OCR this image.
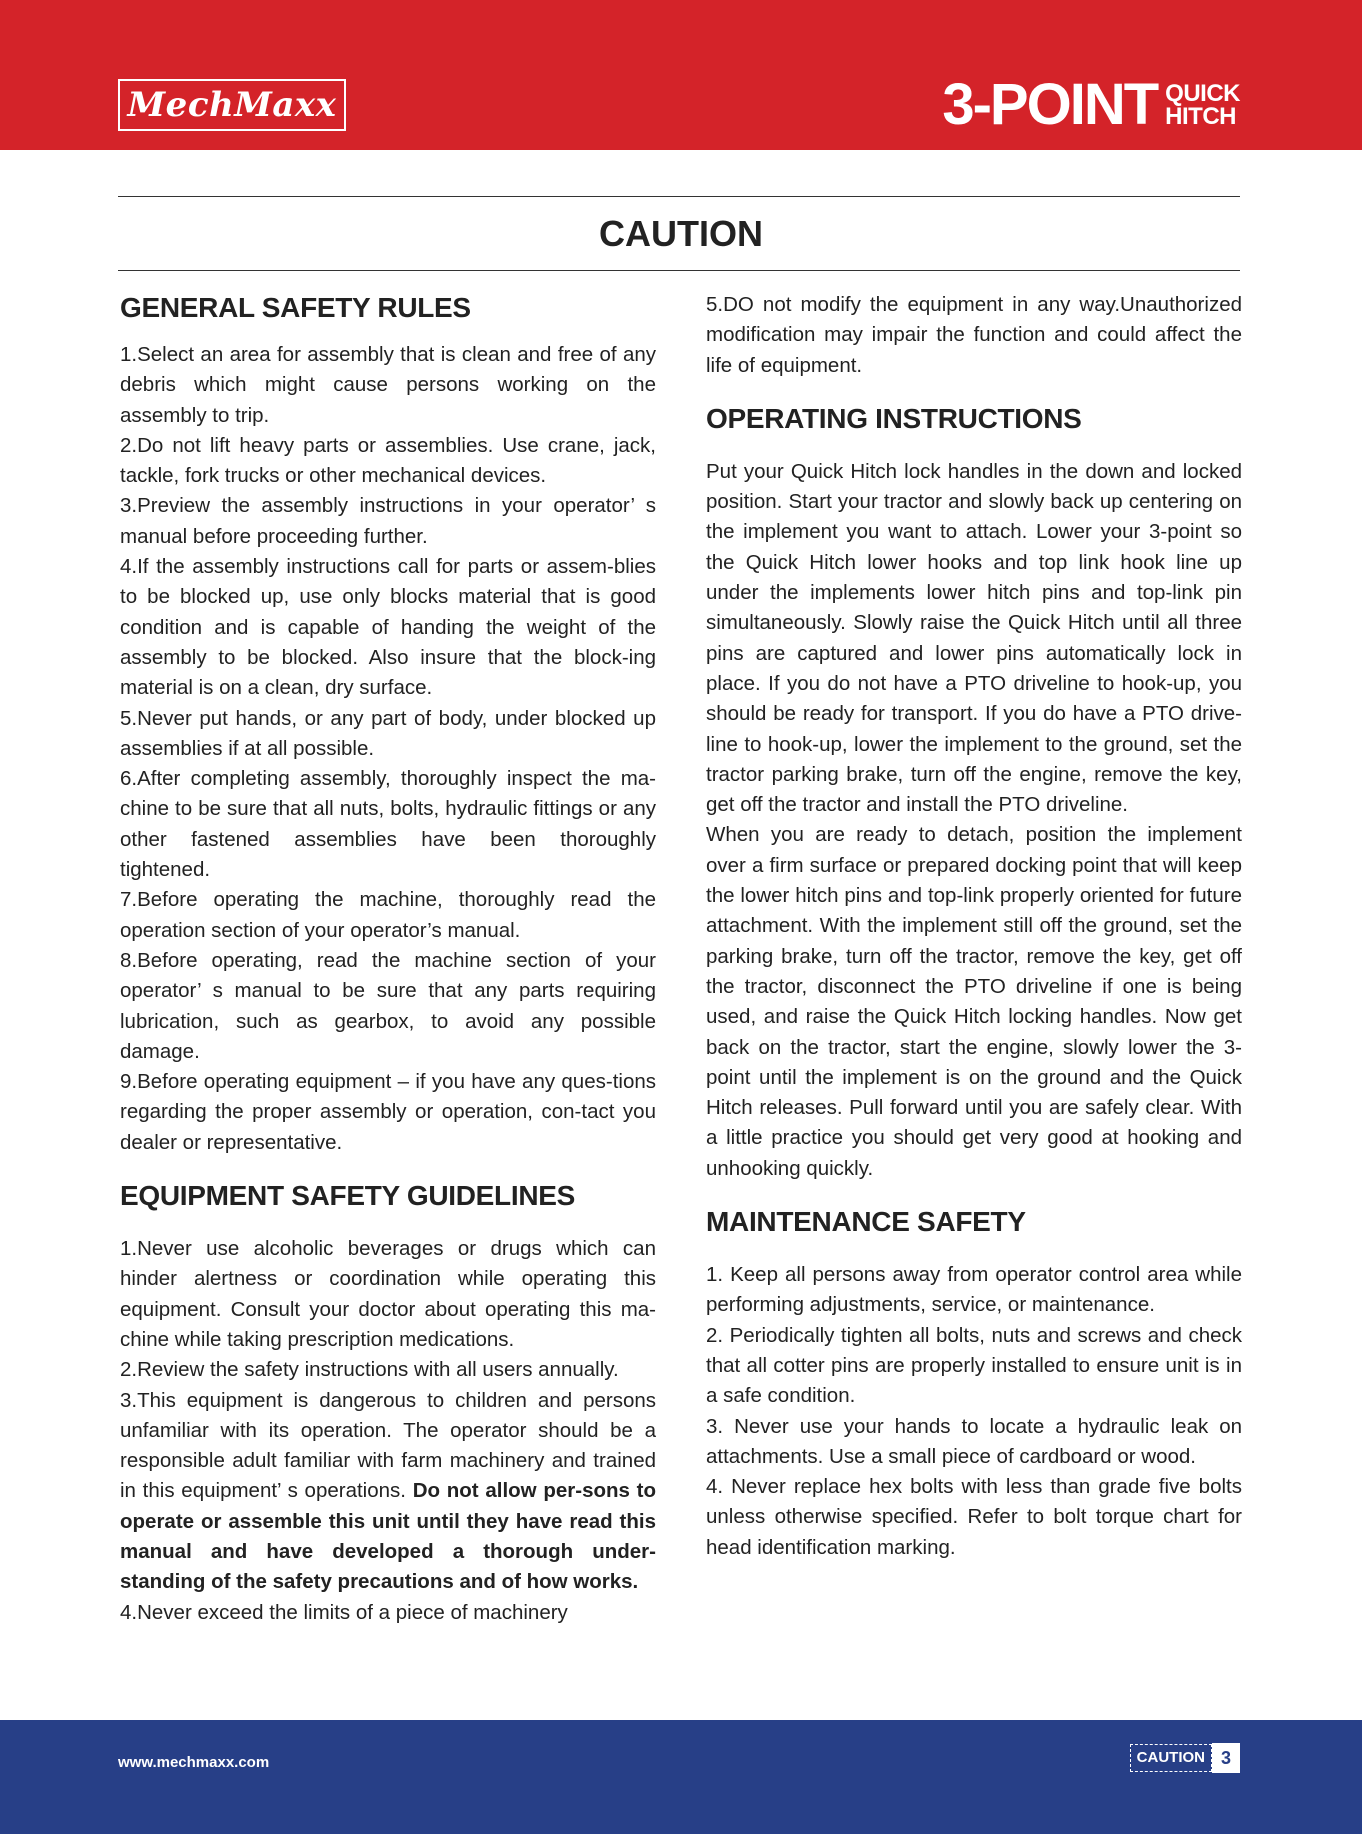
MechMaxx	3-POINT QUICK
HITCH
CAUTION
GENERAL SAFETY RULES

1.Select an area for assembly that is clean and free of any debris which might cause persons working on the assembly to trip.

2.Do not lift heavy parts or assemblies. Use crane, jack, tackle, fork trucks or other mechanical devices.

3.Preview the assembly instructions in your operator’ s manual before proceeding further.

4.If the assembly instructions call for parts or assem-blies to be blocked up, use only blocks material that is good condition and is capable of handing the weight of the assembly to be blocked. Also insure that the block-ing material is on a clean, dry surface.

5.Never put hands, or any part of body, under blocked up assemblies if at all possible.

6.After completing assembly, thoroughly inspect the ma-chine to be sure that all nuts, bolts, hydraulic fittings or any other fastened assemblies have been thoroughly tightened.

7.Before operating the machine, thoroughly read the operation section of your operator’s manual.

8.Before operating, read the machine section of your operator’ s manual to be sure that any parts requiring lubrication, such as gearbox, to avoid any possible damage.

9.Before operating equipment – if you have any ques-tions regarding the proper assembly or operation, con-tact you dealer or representative.

EQUIPMENT SAFETY GUIDELINES

1.Never use alcoholic beverages or drugs which can hinder alertness or coordination while operating this equipment. Consult your doctor about operating this ma-chine while taking prescription medications.

2.Review the safety instructions with all users annually.

3.This equipment is dangerous to children and persons unfamiliar with its operation. The operator should be a responsible adult familiar with farm machinery and trained in this equipment’ s operations. Do not allow per-sons to operate or assemble this unit until they have read this manual and have developed a thorough under-standing of the safety precautions and of how works.

4.Never exceed the limits of a piece of machinery

5.DO not modify the equipment in any way.Unauthorized modification may impair the function and could affect the life of equipment.

OPERATING INSTRUCTIONS

Put your Quick Hitch lock handles in the down and locked position. Start your tractor and slowly back up centering on the implement you want to attach. Lower your 3-point so the Quick Hitch lower hooks and top link hook line up under the implements lower hitch pins and top-link pin simultaneously. Slowly raise the Quick Hitch until all three pins are captured and lower pins automatically lock in place. If you do not have a PTO driveline to hook-up, you should be ready for transport. If you do have a PTO drive-line to hook-up, lower the implement to the ground, set the tractor parking brake, turn off the engine, remove the key, get off the tractor and install the PTO driveline.

When you are ready to detach, position the implement over a firm surface or prepared docking point that will keep the lower hitch pins and top-link properly oriented for future attachment. With the implement still off the ground, set the parking brake, turn off the tractor, remove the key, get off the tractor, disconnect the PTO driveline if one is being used, and raise the Quick Hitch locking handles. Now get back on the tractor, start the engine, slowly lower the 3-point until the implement is on the ground and the Quick Hitch releases. Pull forward until you are safely clear. With a little practice you should get very good at hooking and unhooking quickly.

MAINTENANCE SAFETY

1. Keep all persons away from operator control area while performing adjustments, service, or maintenance.

2. Periodically tighten all bolts, nuts and screws and check that all cotter pins are properly installed to ensure unit is in a safe condition.

3. Never use your hands to locate a hydraulic leak on attachments. Use a small piece of cardboard or wood.

4. Never replace hex bolts with less than grade five bolts unless otherwise specified. Refer to bolt torque chart for head identification marking.

www.mechmaxx.com	CAUTION 3
